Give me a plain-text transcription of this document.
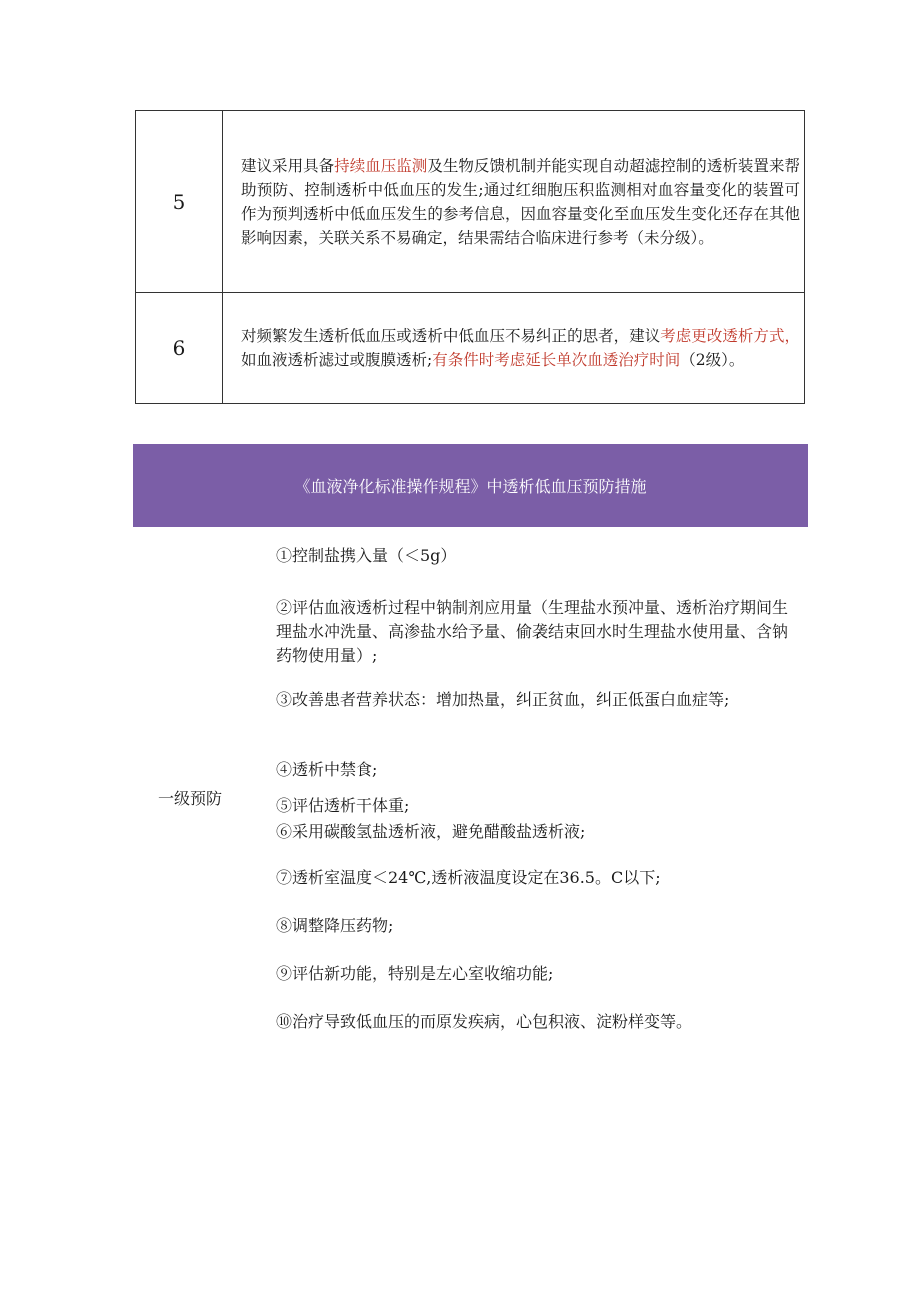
5	建议采用具备持续血压监测及生物反馈机制并能实现自动超滤控制的透析装置来帮助预防、控制透析中低血压的发生;通过红细胞压积监测相对血容量变化的装置可作为预判透析中低血压发生的参考信息，因血容量变化至血压发生变化还存在其他影响因素，关联关系不易确定，结果需结合临床进行参考（未分级）。
6	对频繁发生透析低血压或透析中低血压不易纠正的思者，建议考虑更改透析方式，如血液透析滤过或腹膜透析;有条件时考虑延长单次血透治疗时间（2级）。
《血液净化标准操作规程》中透析低血压预防措施
一级预防
①控制盐携入量（＜5g）
②评估血液透析过程中钠制剂应用量（生理盐水预冲量、透析治疗期间生理盐水冲洗量、高渗盐水给予量、偷袭结束回水时生理盐水使用量、含钠药物使用量）;
③改善患者营养状态：增加热量，纠正贫血，纠正低蛋白血症等;
④透析中禁食;
⑤评估透析干体重;
⑥采用碳酸氢盐透析液，避免醋酸盐透析液;
⑦透析室温度＜24℃,透析液温度设定在36.5。C以下;
⑧调整降压药物;
⑨评估新功能，特别是左心室收缩功能;
⑩治疗导致低血压的而原发疾病，心包积液、淀粉样变等。
